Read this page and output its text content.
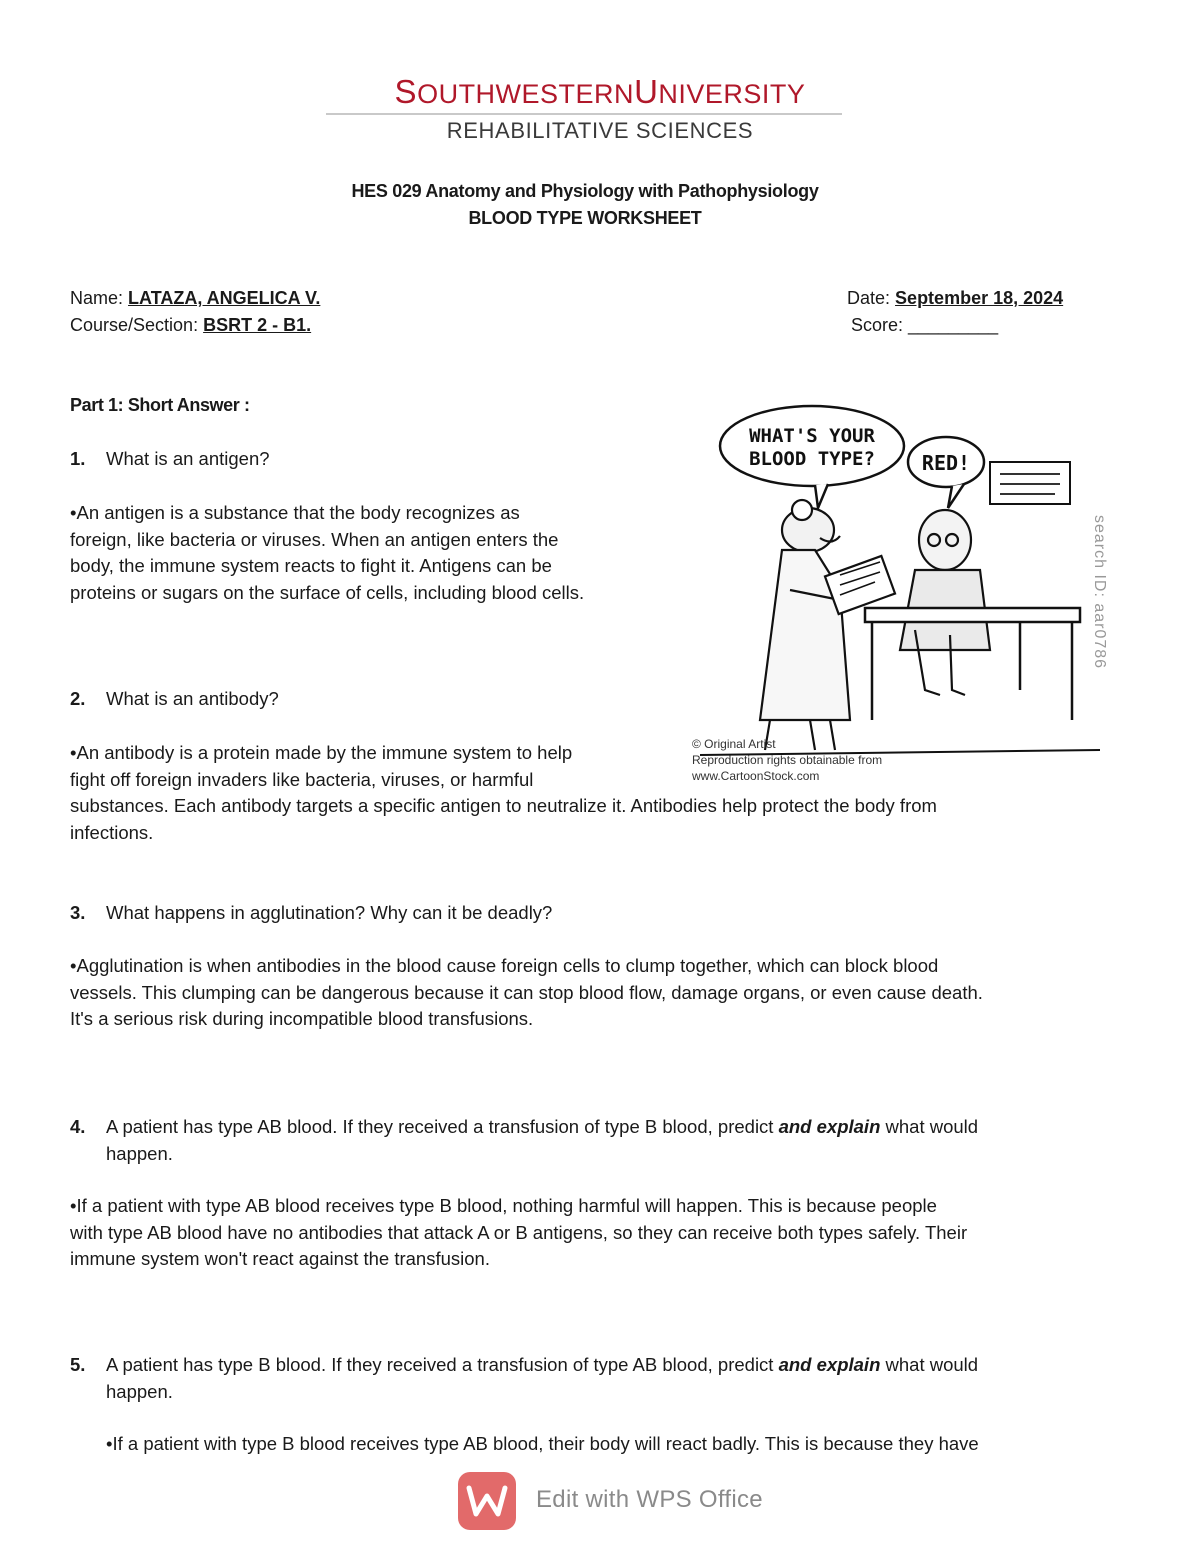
SOUTHWESTERNUNIVERSITY
REHABILITATIVE SCIENCES
HES 029 Anatomy and Physiology with Pathophysiology
BLOOD TYPE WORKSHEET
Name: LATAZA, ANGELICA V.	Date: September 18, 2024
Course/Section: BSRT 2 - B1.	Score: _________
Part 1: Short Answer :
1. What is an antigen?
•An antigen is a substance that the body recognizes as
foreign, like bacteria or viruses. When an antigen enters the
body, the immune system reacts to fight it. Antigens can be
proteins or sugars on the surface of cells, including blood cells.
2. What is an antibody?
•An antibody is a protein made by the immune system to help
fight off foreign invaders like bacteria, viruses, or harmful
substances. Each antibody targets a specific antigen to neutralize it. Antibodies help protect the body from
infections.
3. What happens in agglutination? Why can it be deadly?
•Agglutination is when antibodies in the blood cause foreign cells to clump together, which can block blood
vessels. This clumping can be dangerous because it can stop blood flow, damage organs, or even cause death.
It's a serious risk during incompatible blood transfusions.
4. A patient has type AB blood. If they received a transfusion of type B blood, predict and explain what would
happen.
•If a patient with type AB blood receives type B blood, nothing harmful will happen. This is because people
with type AB blood have no antibodies that attack A or B antigens, so they can receive both types safely. Their
immune system won't react against the transfusion.
5. A patient has type B blood. If they received a transfusion of type AB blood, predict and explain what would
happen.
•If a patient with type B blood receives type AB blood, their body will react badly. This is because they have
WHAT'S YOUR
BLOOD TYPE? RED!
search ID: aar0786
© Original Artist
Reproduction rights obtainable from
www.CartoonStock.com
Edit with WPS Office
